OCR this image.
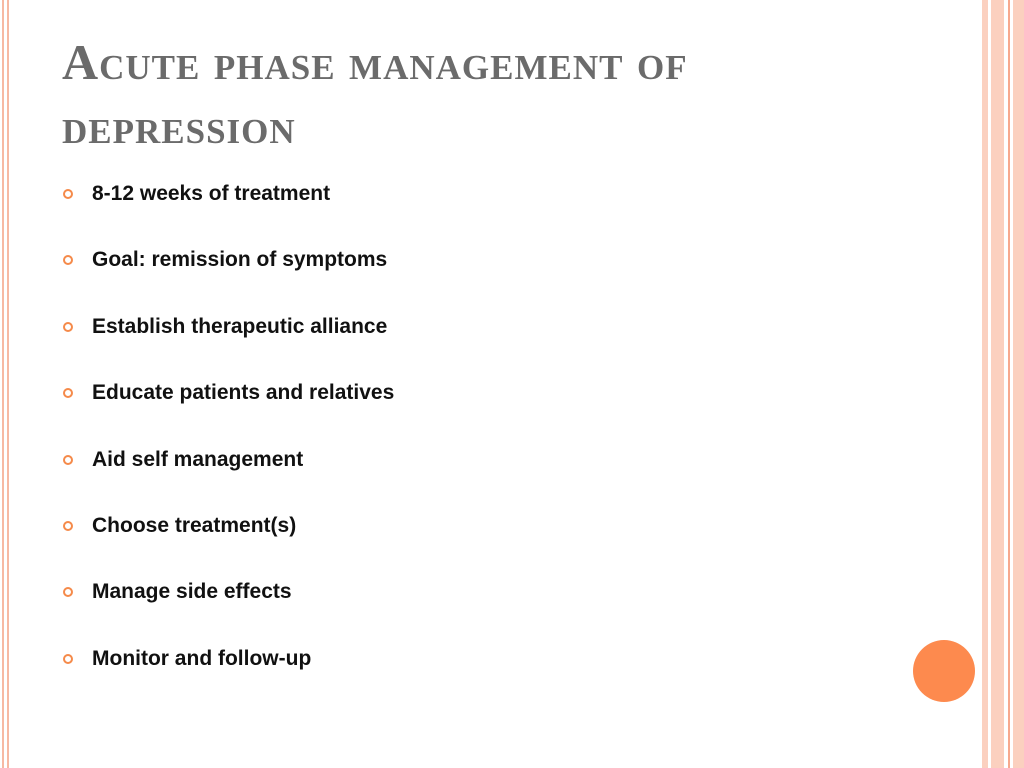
Acute phase management of depression
8-12 weeks of treatment
Goal: remission of symptoms
Establish therapeutic alliance
Educate patients and relatives
Aid self management
Choose treatment(s)
Manage side effects
Monitor and follow-up
